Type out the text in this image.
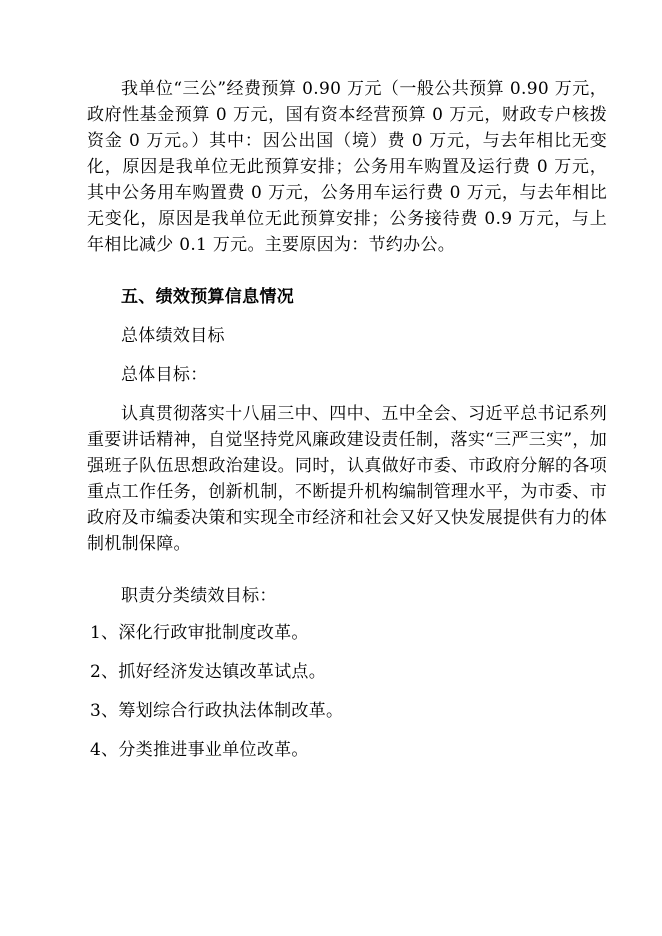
我单位“三公”经费预算 0.90 万元（一般公共预算 0.90 万元，政府性基金预算 0 万元，国有资本经营预算 0 万元，财政专户核拨资金 0 万元。）其中：因公出国（境）费 0 万元，与去年相比无变化，原因是我单位无此预算安排；公务用车购置及运行费 0 万元，其中公务用车购置费 0 万元，公务用车运行费 0 万元，与去年相比无变化，原因是我单位无此预算安排；公务接待费 0.9 万元，与上年相比减少 0.1 万元。主要原因为：节约办公。

五、绩效预算信息情况

总体绩效目标

总体目标：

认真贯彻落实十八届三中、四中、五中全会、习近平总书记系列重要讲话精神，自觉坚持党风廉政建设责任制，落实“三严三实”，加强班子队伍思想政治建设。同时，认真做好市委、市政府分解的各项重点工作任务，创新机制，不断提升机构编制管理水平，为市委、市政府及市编委决策和实现全市经济和社会又好又快发展提供有力的体制机制保障。

职责分类绩效目标：

1、深化行政审批制度改革。

2、抓好经济发达镇改革试点。

3、筹划综合行政执法体制改革。

4、分类推进事业单位改革。
